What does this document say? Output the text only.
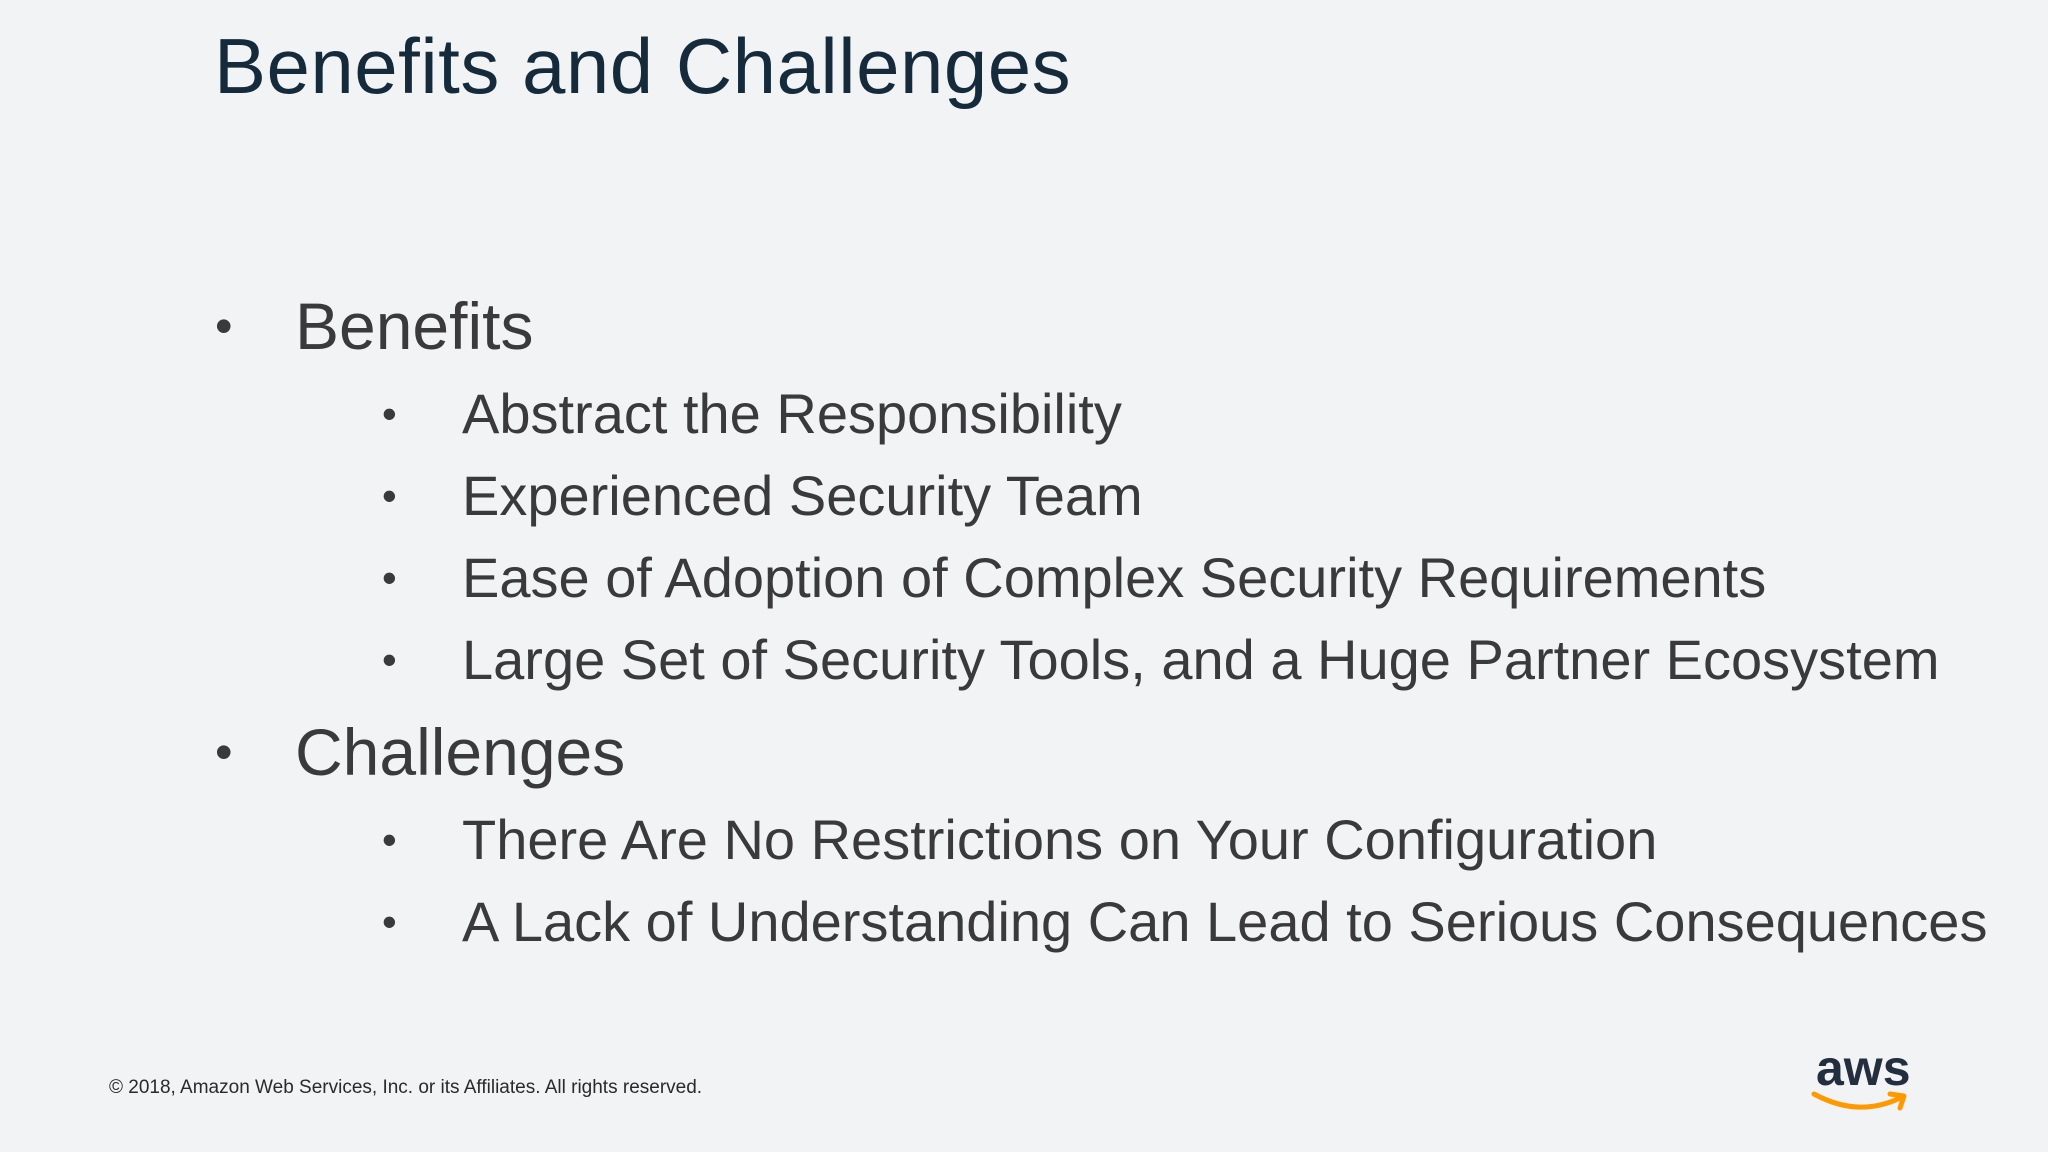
Benefits and Challenges
• Benefits
• Abstract the Responsibility
• Experienced Security Team
• Ease of Adoption of Complex Security Requirements
• Large Set of Security Tools, and a Huge Partner Ecosystem
• Challenges
• There Are No Restrictions on Your Configuration
• A Lack of Understanding Can Lead to Serious Consequences
© 2018, Amazon Web Services, Inc. or its Affiliates. All rights reserved.	aws
